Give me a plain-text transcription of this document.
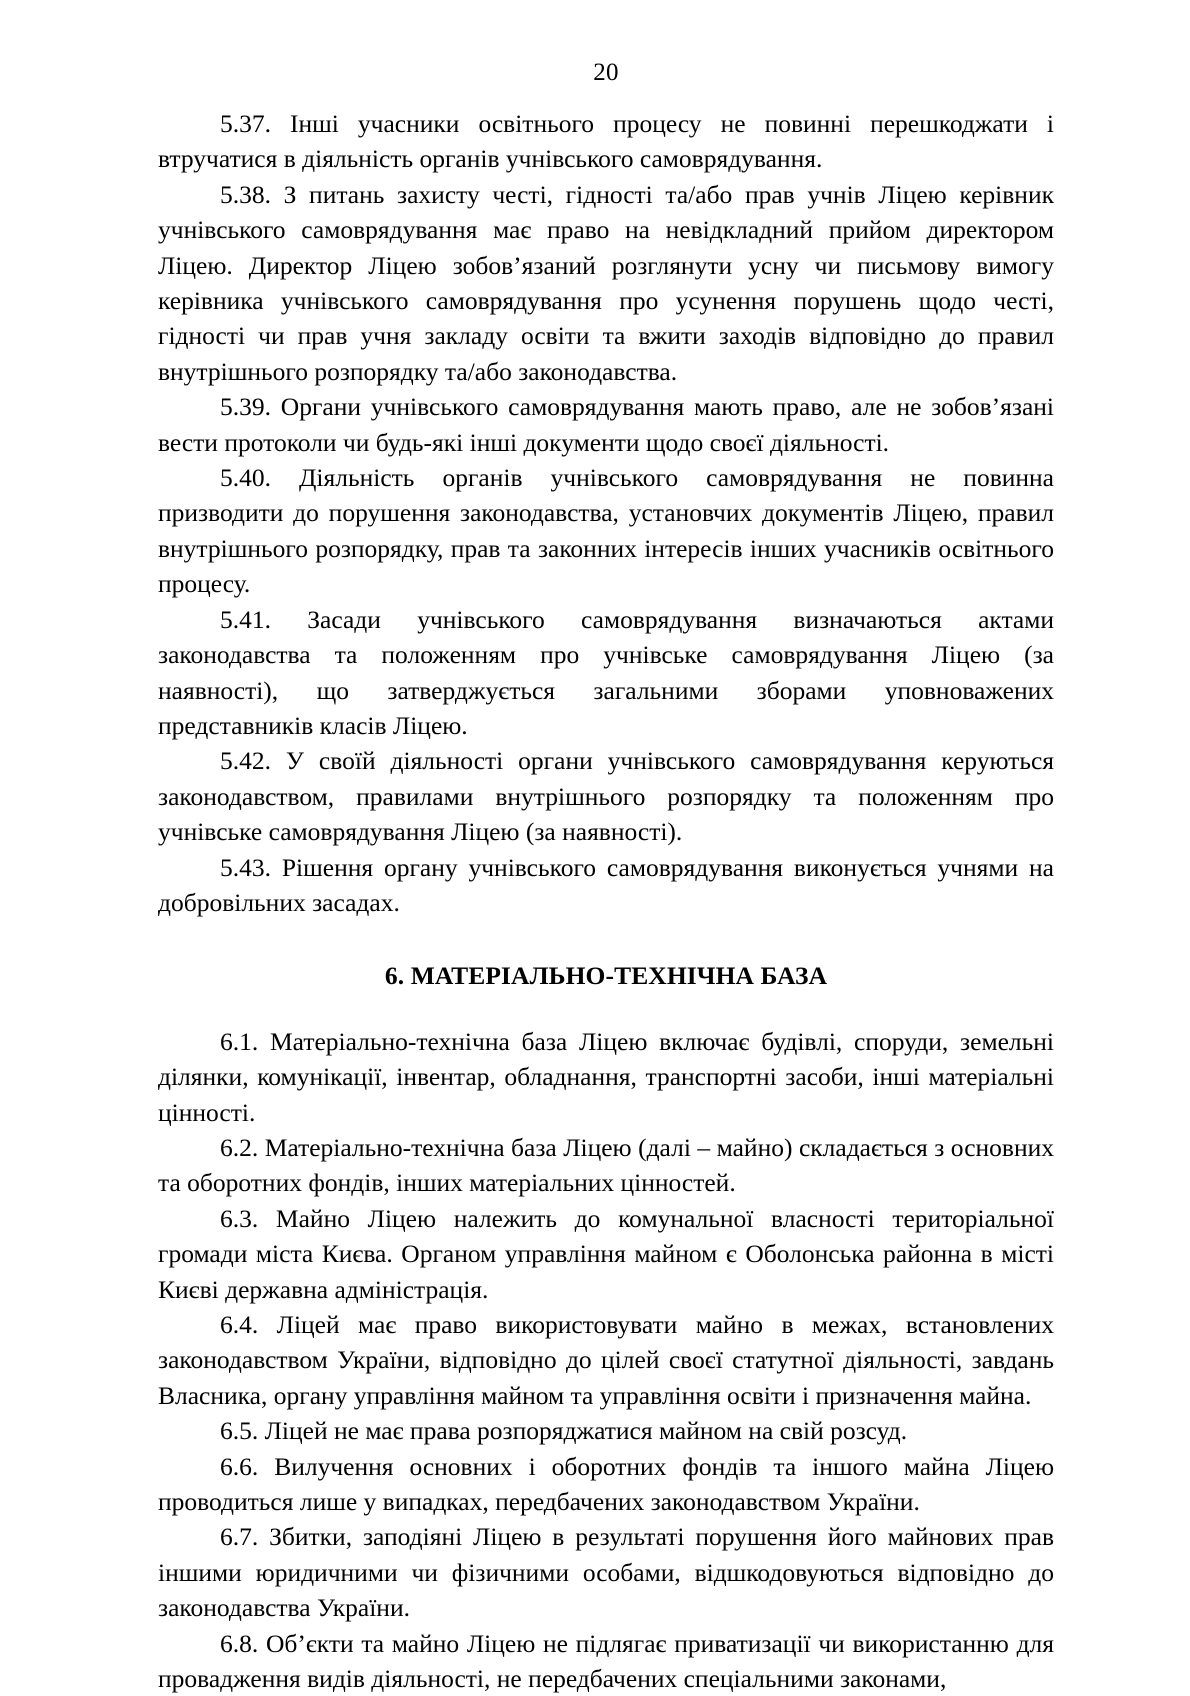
20

5.37. Інші учасники освітнього процесу не повинні перешкоджати і втручатися в діяльність органів учнівського самоврядування.

5.38. З питань захисту честі, гідності та/або прав учнів Ліцею керівник учнівського самоврядування має право на невідкладний прийом директором Ліцею. Директор Ліцею зобов’язаний розглянути усну чи письмову вимогу керівника учнівського самоврядування про усунення порушень щодо честі, гідності чи прав учня закладу освіти та вжити заходів відповідно до правил внутрішнього розпорядку та/або законодавства.

5.39. Органи учнівського самоврядування мають право, але не зобов’язані вести протоколи чи будь-які інші документи щодо своєї діяльності.

5.40. Діяльність органів учнівського самоврядування не повинна призводити до порушення законодавства, установчих документів Ліцею, правил внутрішнього розпорядку, прав та законних інтересів інших учасників освітнього процесу.

5.41. Засади учнівського самоврядування визначаються актами законодавства та положенням про учнівське самоврядування Ліцею (за наявності), що затверджується загальними зборами уповноважених представників класів Ліцею.

5.42. У своїй діяльності органи учнівського самоврядування керуються законодавством, правилами внутрішнього розпорядку та положенням про учнівське самоврядування Ліцею (за наявності).

5.43. Рішення органу учнівського самоврядування виконується учнями на добровільних засадах.

6. МАТЕРІАЛЬНО-ТЕХНІЧНА БАЗА

6.1. Матеріально-технічна база Ліцею включає будівлі, споруди, земельні ділянки, комунікації, інвентар, обладнання, транспортні засоби, інші матеріальні цінності.

6.2. Матеріально-технічна база Ліцею (далі – майно) складається з основних та оборотних фондів, інших матеріальних цінностей.

6.3. Майно Ліцею належить до комунальної власності територіальної громади міста Києва. Органом управління майном є Оболонська районна в місті Києві державна адміністрація.

6.4. Ліцей має право використовувати майно в межах, встановлених законодавством України, відповідно до цілей своєї статутної діяльності, завдань Власника, органу управління майном та управління освіти і призначення майна.

6.5. Ліцей не має права розпоряджатися майном на свій розсуд.

6.6. Вилучення основних і оборотних фондів та іншого майна Ліцею проводиться лише у випадках, передбачених законодавством України.

6.7. Збитки, заподіяні Ліцею в результаті порушення його майнових прав іншими юридичними чи фізичними особами, відшкодовуються відповідно до законодавства України.

6.8. Об’єкти та майно Ліцею не підлягає приватизації чи використанню для провадження видів діяльності, не передбачених спеціальними законами,
